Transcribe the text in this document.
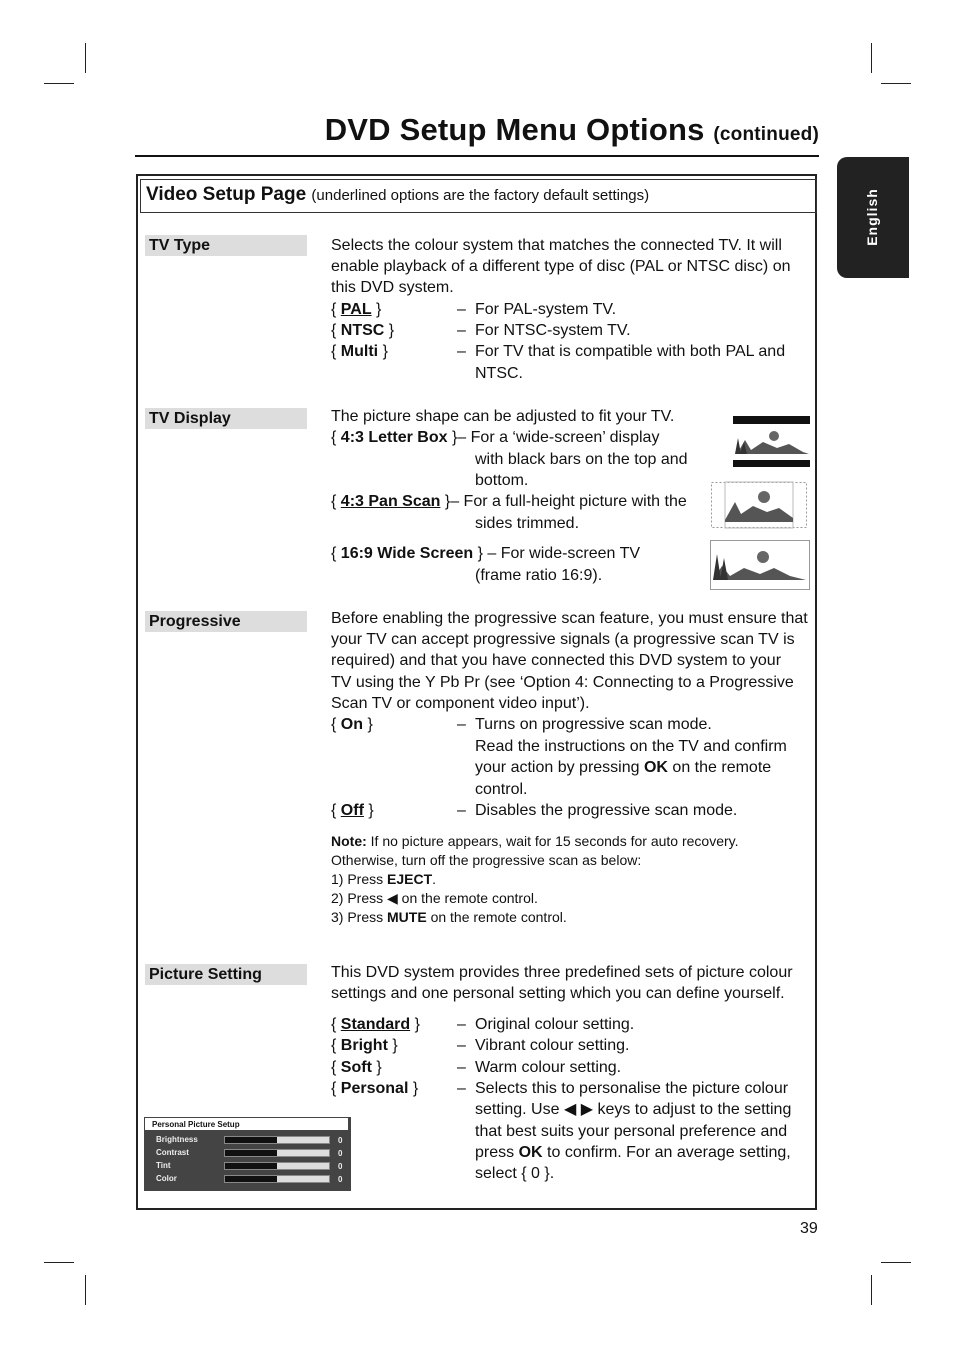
DVD Setup Menu Options (continued)
English
Video Setup Page (underlined options are the factory default settings)
TV Type	Selects the colour system that matches the connected TV. It will
enable playback of a different type of disc (PAL or NTSC disc) on
this DVD system.
{ PAL }	– For PAL-system TV.
{ NTSC }	– For NTSC-system TV.
{ Multi }	– For TV that is compatible with both PAL and
NTSC.
TV Display	The picture shape can be adjusted to fit your TV.
{ 4:3 Letter Box }– For a ‘wide-screen’ display
with black bars on the top and
bottom.
{ 4:3 Pan Scan }– For a full-height picture with the
sides trimmed.
{ 16:9 Wide Screen } – For wide-screen TV
(frame ratio 16:9).
Progressive	Before enabling the progressive scan feature, you must ensure that
your TV can accept progressive signals (a progressive scan TV is
required) and that you have connected this DVD system to your
TV using the Y Pb Pr (see ‘Option 4: Connecting to a Progressive
Scan TV or component video input’).
{ On }	– Turns on progressive scan mode.
Read the instructions on the TV and confirm
your action by pressing OK on the remote
control.
{ Off }	– Disables the progressive scan mode.
Note: If no picture appears, wait for 15 seconds for auto recovery.
Otherwise, turn off the progressive scan as below:
1) Press EJECT.
2) Press ◀ on the remote control.
3) Press MUTE on the remote control.
Picture Setting	This DVD system provides three predefined sets of picture colour
settings and one personal setting which you can define yourself.
{ Standard } – Original colour setting.
{ Bright }	– Vibrant colour setting.
{ Soft }	– Warm colour setting.
{ Personal } – Selects this to personalise the picture colour
setting. Use ◀ ▶ keys to adjust to the setting
that best suits your personal preference and
press OK to confirm. For an average setting,
select { 0 }.
Personal Picture Setup
Brightness	0
Contrast	0
Tint	0
Color	0
39
